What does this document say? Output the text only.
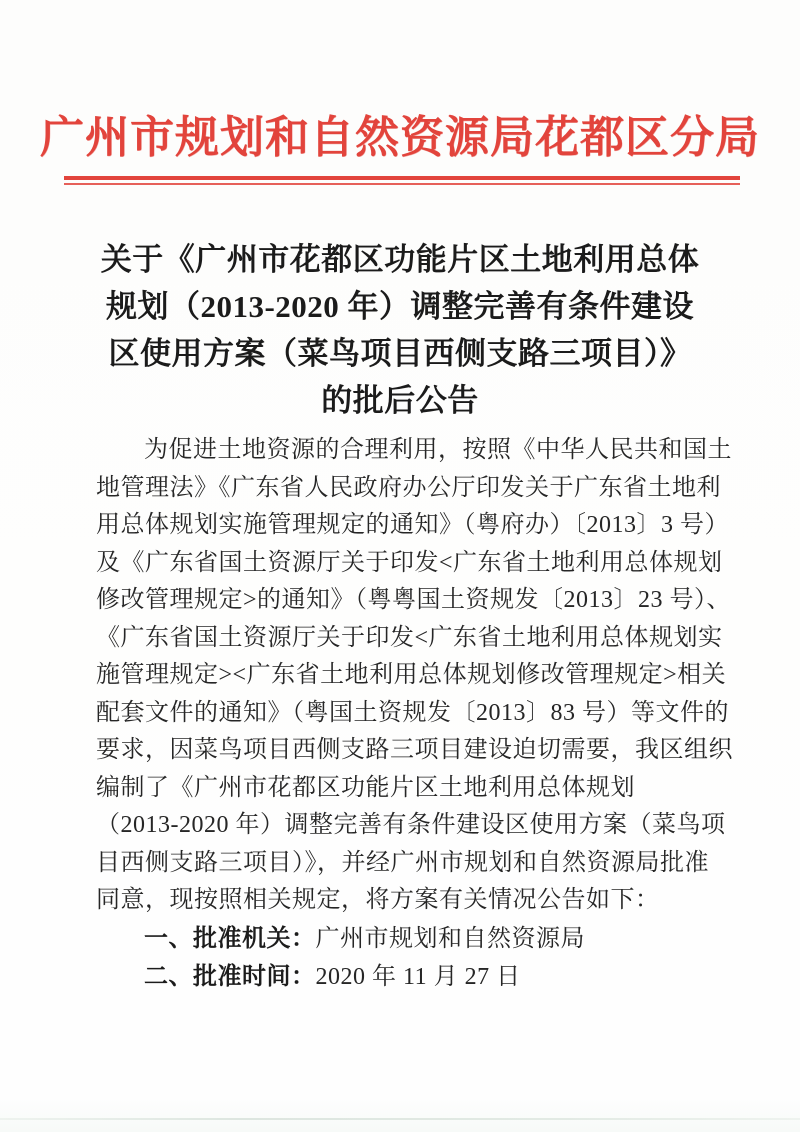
广州市规划和自然资源局花都区分局
关于《广州市花都区功能片区土地利用总体
规划（2013-2020 年）调整完善有条件建设
区使用方案（菜鸟项目西侧支路三项目）》
的批后公告
为促进土地资源的合理利用，按照《中华人民共和国土
地管理法》《广东省人民政府办公厅印发关于广东省土地利
用总体规划实施管理规定的通知》（粤府办）〔2013〕3 号）
及《广东省国土资源厅关于印发<广东省土地利用总体规划
修改管理规定>的通知》（粤粤国土资规发〔2013〕23 号）、
《广东省国土资源厅关于印发<广东省土地利用总体规划实
施管理规定><广东省土地利用总体规划修改管理规定>相关
配套文件的通知》（粤国土资规发〔2013〕83 号）等文件的
要求，因菜鸟项目西侧支路三项目建设迫切需要，我区组织
编制了《广州市花都区功能片区土地利用总体规划
（2013-2020 年）调整完善有条件建设区使用方案（菜鸟项
目西侧支路三项目）》，并经广州市规划和自然资源局批准
同意，现按照相关规定，将方案有关情况公告如下：
一、批准机关：广州市规划和自然资源局
二、批准时间：2020 年 11 月 27 日
